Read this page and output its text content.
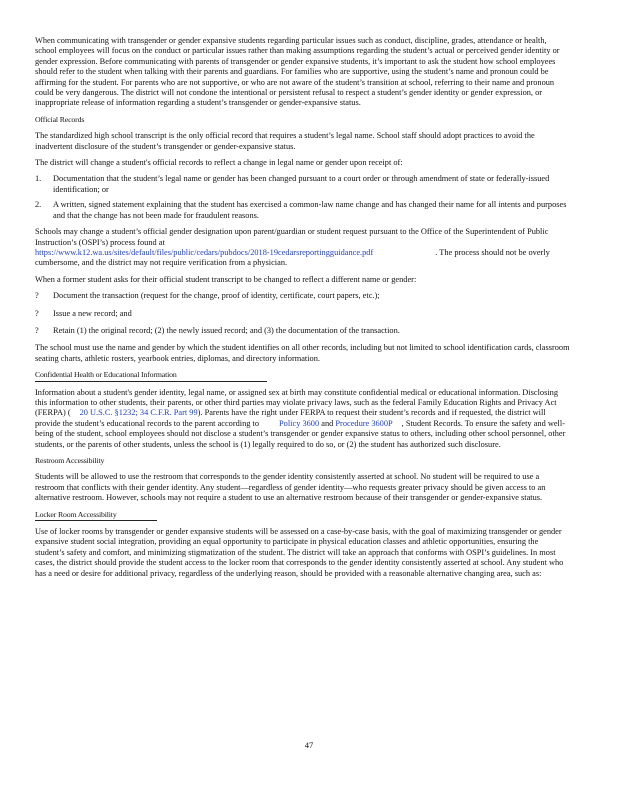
When communicating with transgender or gender expansive students regarding particular issues such as conduct, discipline, grades, attendance or health, school employees will focus on the conduct or particular issues rather than making assumptions regarding the student’s actual or perceived gender identity or gender expression. Before communicating with parents of transgender or gender expansive students, it’s important to ask the student how school employees should refer to the student when talking with their parents and guardians. For families who are supportive, using the student’s name and pronoun could be affirming for the student. For parents who are not supportive, or who are not aware of the student’s transition at school, referring to their name and pronoun could be very dangerous. The district will not condone the intentional or persistent refusal to respect a student’s gender identity or gender expression, or inappropriate release of information regarding a student’s transgender or gender-expansive status.

Official Records

The standardized high school transcript is the only official record that requires a student’s legal name. School staff should adopt practices to avoid the inadvertent disclosure of the student’s transgender or gender-expansive status.

The district will change a student's official records to reflect a change in legal name or gender upon receipt of:

1. Documentation that the student’s legal name or gender has been changed pursuant to a court order or through amendment of state or federally-issued identification; or
2. A written, signed statement explaining that the student has exercised a common-law name change and has changed their name for all intents and purposes and that the change has not been made for fraudulent reasons.

Schools may change a student’s official gender designation upon parent/guardian or student request pursuant to the Office of the Superintendent of Public Instruction’s (OSPI’s) process found at
https://www.k12.wa.us/sites/default/files/public/cedars/pubdocs/2018-19cedarsreportingguidance.pdf	. The process should not be overly cumbersome, and the district may not require verification from a physician.

When a former student asks for their official student transcript to be changed to reflect a different name or gender:

? Document the transaction (request for the change, proof of identity, certificate, court papers, etc.);
? Issue a new record; and
? Retain (1) the original record; (2) the newly issued record; and (3) the documentation of the transaction.

The school must use the name and gender by which the student identifies on all other records, including but not limited to school identification cards, classroom seating charts, athletic rosters, yearbook entries, diplomas, and directory information.

Confidential Health or Educational Information

Information about a student's gender identity, legal name, or assigned sex at birth may constitute confidential medical or educational information. Disclosing this information to other students, their parents, or other third parties may violate privacy laws, such as the federal Family Education Rights and Privacy Act (FERPA) ( 20 U.S.C. §1232; 34 C.F.R. Part 99). Parents have the right under FERPA to request their student’s records and if requested, the district will provide the student’s educational records to the parent according to Policy 3600 and Procedure 3600P , Student Records. To ensure the safety and well-being of the student, school employees should not disclose a student’s transgender or gender expansive status to others, including other school personnel, other students, or the parents of other students, unless the school is (1) legally required to do so, or (2) the student has authorized such disclosure.

Restroom Accessibility

Students will be allowed to use the restroom that corresponds to the gender identity consistently asserted at school. No student will be required to use a restroom that conflicts with their gender identity. Any student—regardless of gender identity—who requests greater privacy should be given access to an alternative restroom. However, schools may not require a student to use an alternative restroom because of their transgender or gender-expansive status.

Locker Room Accessibility

Use of locker rooms by transgender or gender expansive students will be assessed on a case-by-case basis, with the goal of maximizing transgender or gender expansive student social integration, providing an equal opportunity to participate in physical education classes and athletic opportunities, ensuring the student’s safety and comfort, and minimizing stigmatization of the student. The district will take an approach that conforms with OSPI’s guidelines. In most cases, the district should provide the student access to the locker room that corresponds to the gender identity consistently asserted at school. Any student who has a need or desire for additional privacy, regardless of the underlying reason, should be provided with a reasonable alternative changing area, such as:

47
